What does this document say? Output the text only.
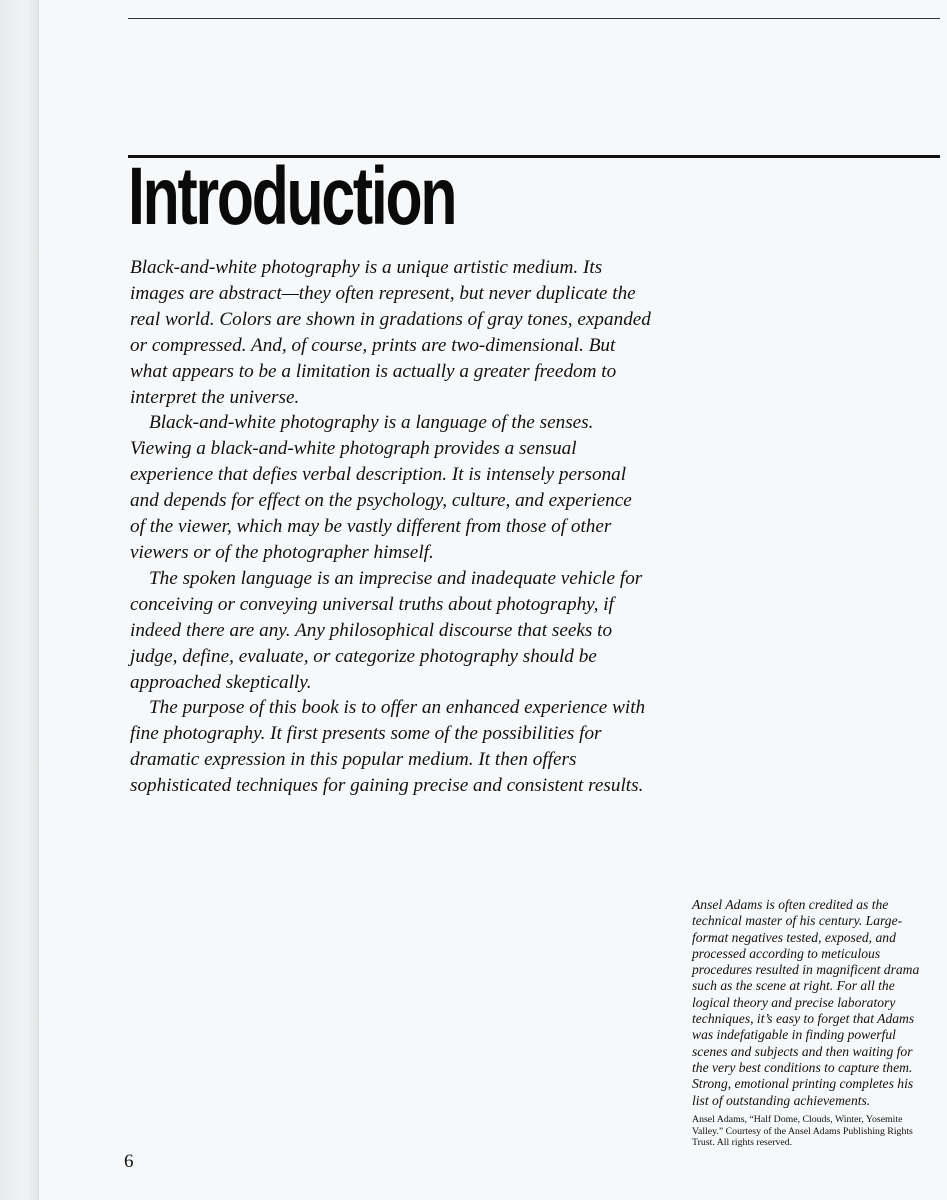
Introduction
Black-and-white photography is a unique artistic medium. Its
images are abstract—they often represent, but never duplicate the
real world. Colors are shown in gradations of gray tones, expanded
or compressed. And, of course, prints are two-dimensional. But
what appears to be a limitation is actually a greater freedom to
interpret the universe.
Black-and-white photography is a language of the senses.
Viewing a black-and-white photograph provides a sensual
experience that defies verbal description. It is intensely personal
and depends for effect on the psychology, culture, and experience
of the viewer, which may be vastly different from those of other
viewers or of the photographer himself.
The spoken language is an imprecise and inadequate vehicle for
conceiving or conveying universal truths about photography, if
indeed there are any. Any philosophical discourse that seeks to
judge, define, evaluate, or categorize photography should be
approached skeptically.
The purpose of this book is to offer an enhanced experience with
fine photography. It first presents some of the possibilities for
dramatic expression in this popular medium. It then offers
sophisticated techniques for gaining precise and consistent results.
Ansel Adams is often credited as the
technical master of his century. Large-
format negatives tested, exposed, and
processed according to meticulous
procedures resulted in magnificent drama
such as the scene at right. For all the
logical theory and precise laboratory
techniques, it’s easy to forget that Adams
was indefatigable in finding powerful
scenes and subjects and then waiting for
the very best conditions to capture them.
Strong, emotional printing completes his
list of outstanding achievements.
Ansel Adams, “Half Dome, Clouds, Winter, Yosemite
Valley.” Courtesy of the Ansel Adams Publishing Rights
Trust. All rights reserved.
6
